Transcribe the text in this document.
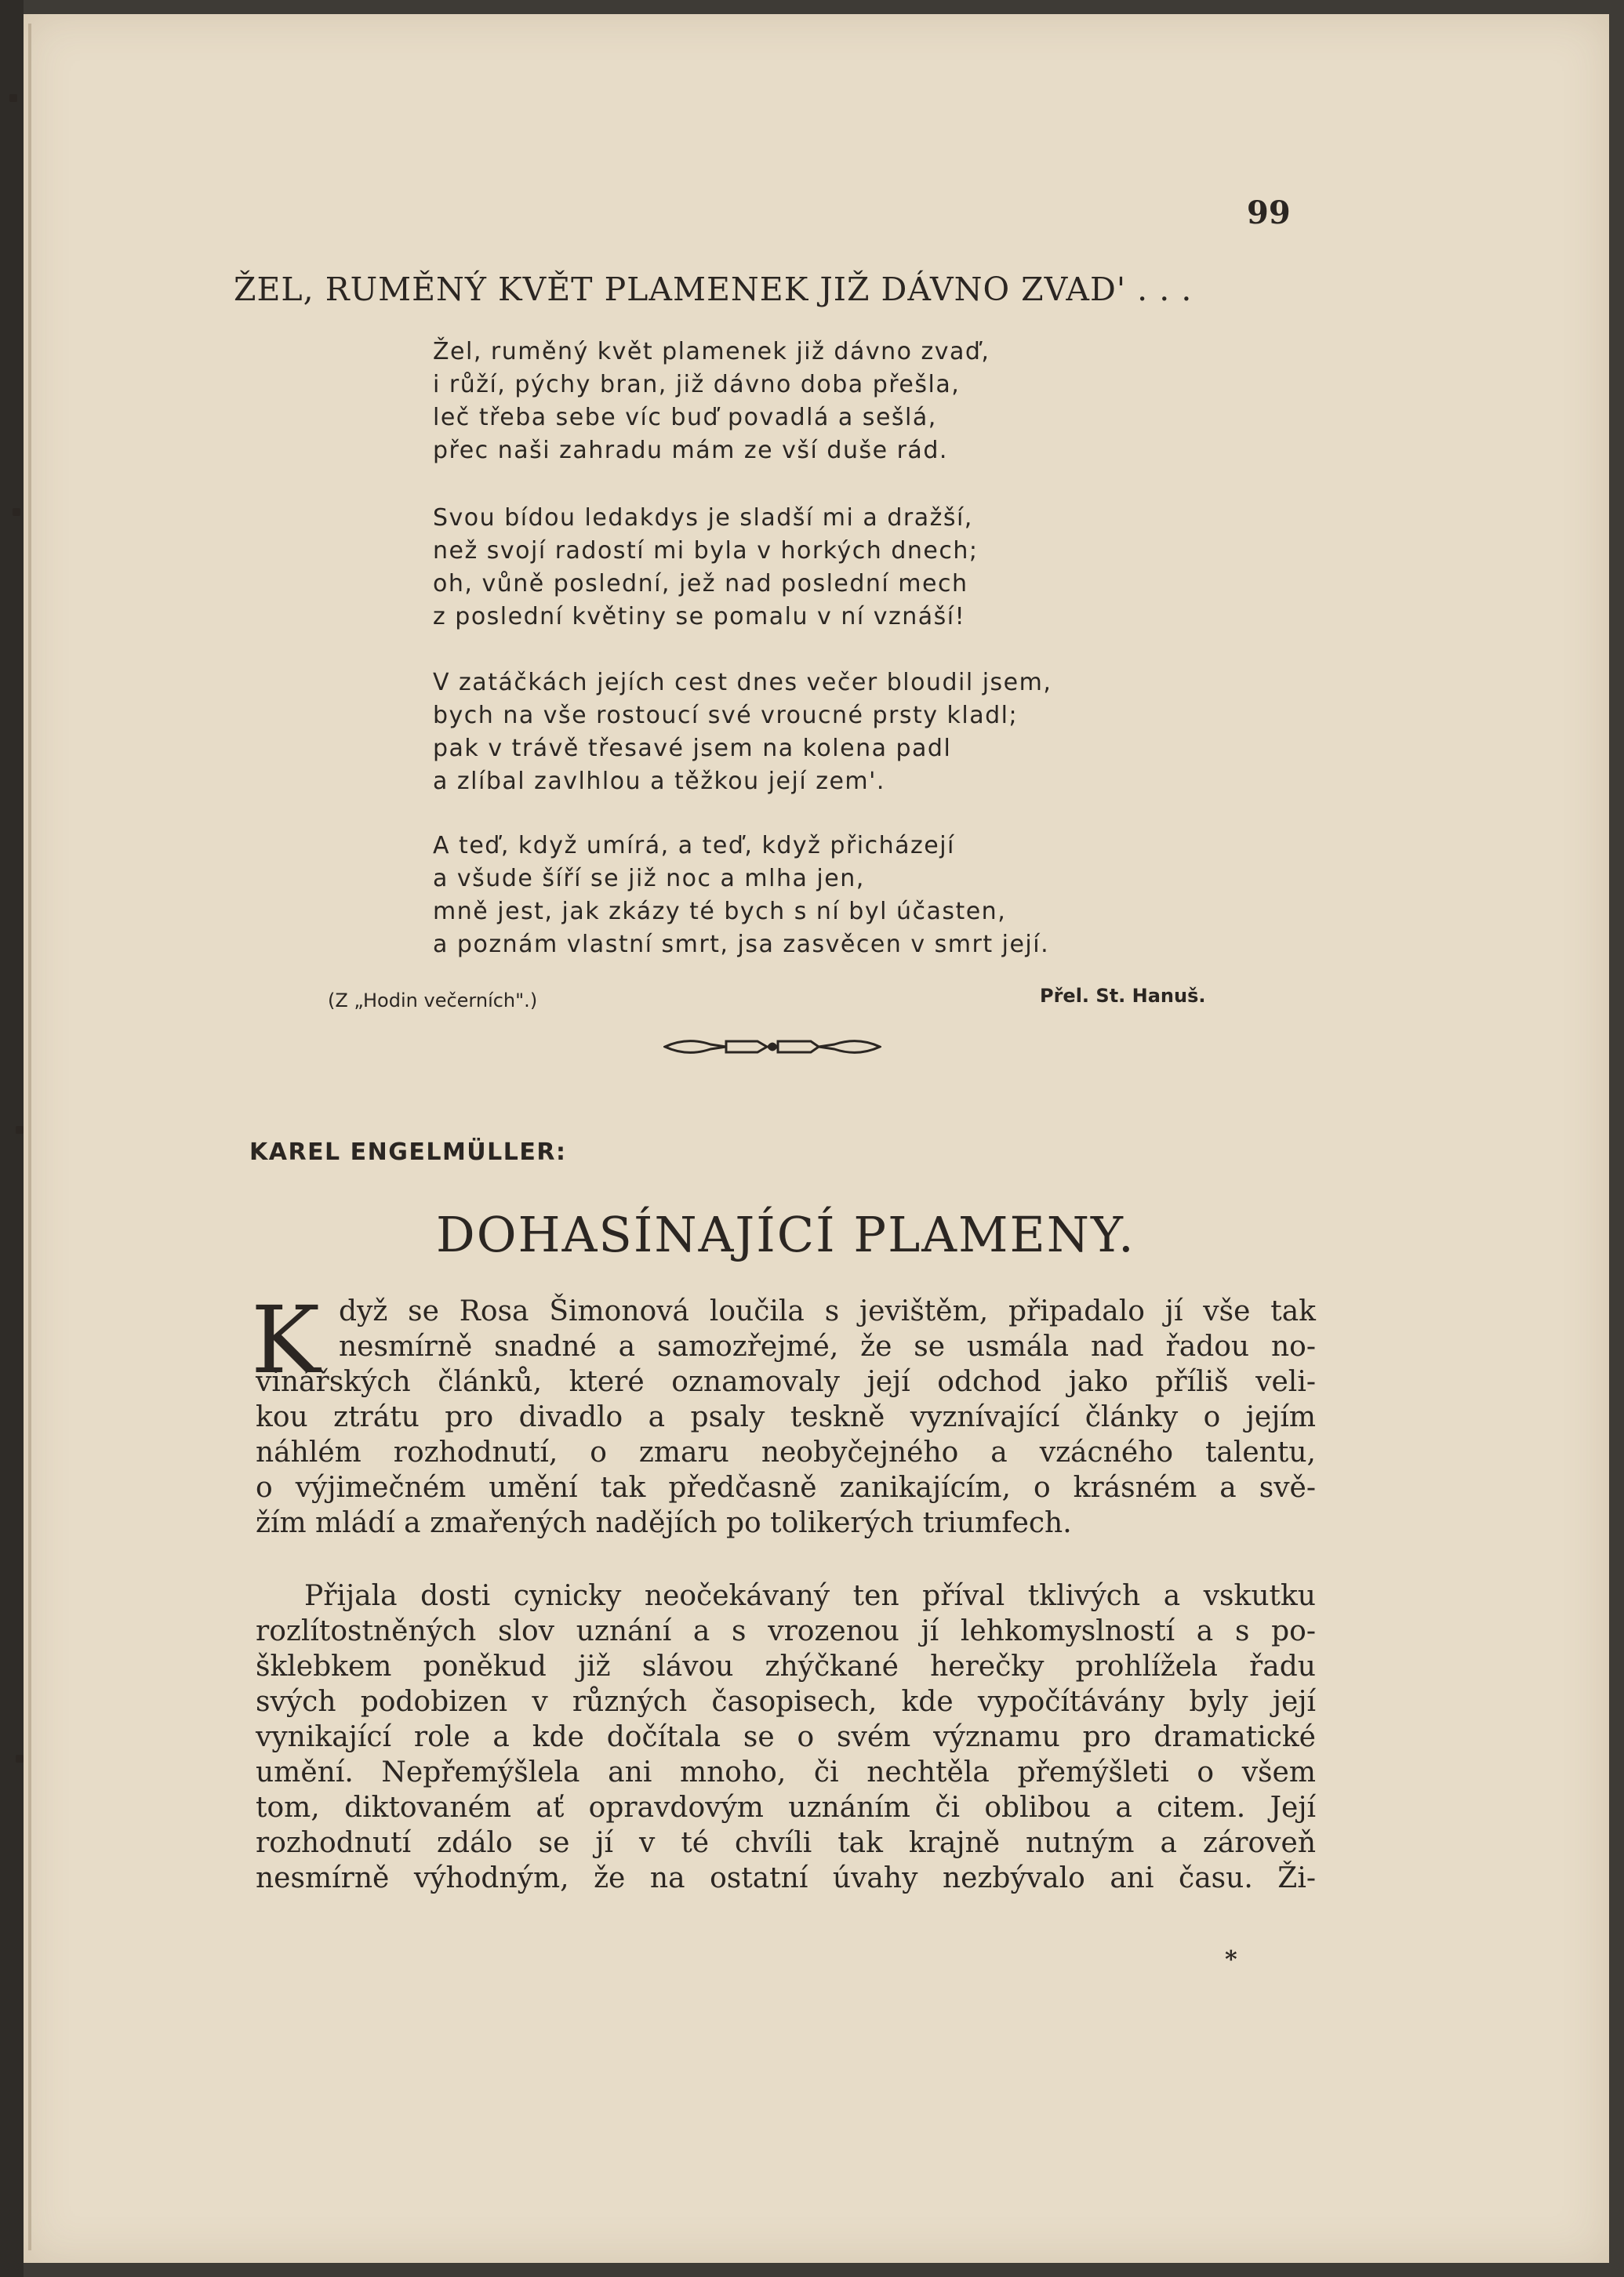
99
ŽEL, RUMĚNÝ KVĚT PLAMENEK JIŽ DÁVNO ZVAD' . . .
Žel, ruměný květ plamenek již dávno zvaď,
i růží, pýchy bran, již dávno doba přešla,
leč třeba sebe víc buď povadlá a sešlá,
přec naši zahradu mám ze vší duše rád.
Svou bídou ledakdys je sladší mi a dražší,
než svojí radostí mi byla v horkých dnech;
oh, vůně poslední, jež nad poslední mech
z poslední květiny se pomalu v ní vznáší!
V zatáčkách jejích cest dnes večer bloudil jsem,
bych na vše rostoucí své vroucné prsty kladl;
pak v trávě třesavé jsem na kolena padl
a zlíbal zavlhlou a těžkou její zem'.
A teď, když umírá, a teď, když přicházejí
a všude šíří se již noc a mlha jen,
mně jest, jak zkázy té bych s ní byl účasten,
a poznám vlastní smrt, jsa zasvěcen v smrt její.
(Z „Hodin večerních".)	Přel. St. Hanuš.
KAREL ENGELMÜLLER:
DOHASÍNAJÍCÍ PLAMENY.
K dyž se Rosa Šimonová loučila s jevištěm, připadalo jí vše tak
nesmírně snadné a samozřejmé, že se usmála nad řadou no-
vinářských článků, které oznamovaly její odchod jako příliš veli-
kou ztrátu pro divadlo a psaly teskně vyznívající články o jejím
náhlém rozhodnutí, o zmaru neobyčejného a vzácného talentu,
o výjimečném umění tak předčasně zanikajícím, o krásném a svě-
žím mládí a zmařených nadějích po tolikerých triumfech.
Přijala dosti cynicky neočekávaný ten příval tklivých a vskutku
rozlítostněných slov uznání a s vrozenou jí lehkomyslností a s po-
šklebkem poněkud již slávou zhýčkané herečky prohlížela řadu
svých podobizen v různých časopisech, kde vypočítávány byly její
vynikající role a kde dočítala se o svém významu pro dramatické
umění. Nepřemýšlela ani mnoho, či nechtěla přemýšleti o všem
tom, diktovaném ať opravdovým uznáním či oblibou a citem. Její
rozhodnutí zdálo se jí v té chvíli tak krajně nutným a zároveň
nesmírně výhodným, že na ostatní úvahy nezbývalo ani času. Ži-
*
